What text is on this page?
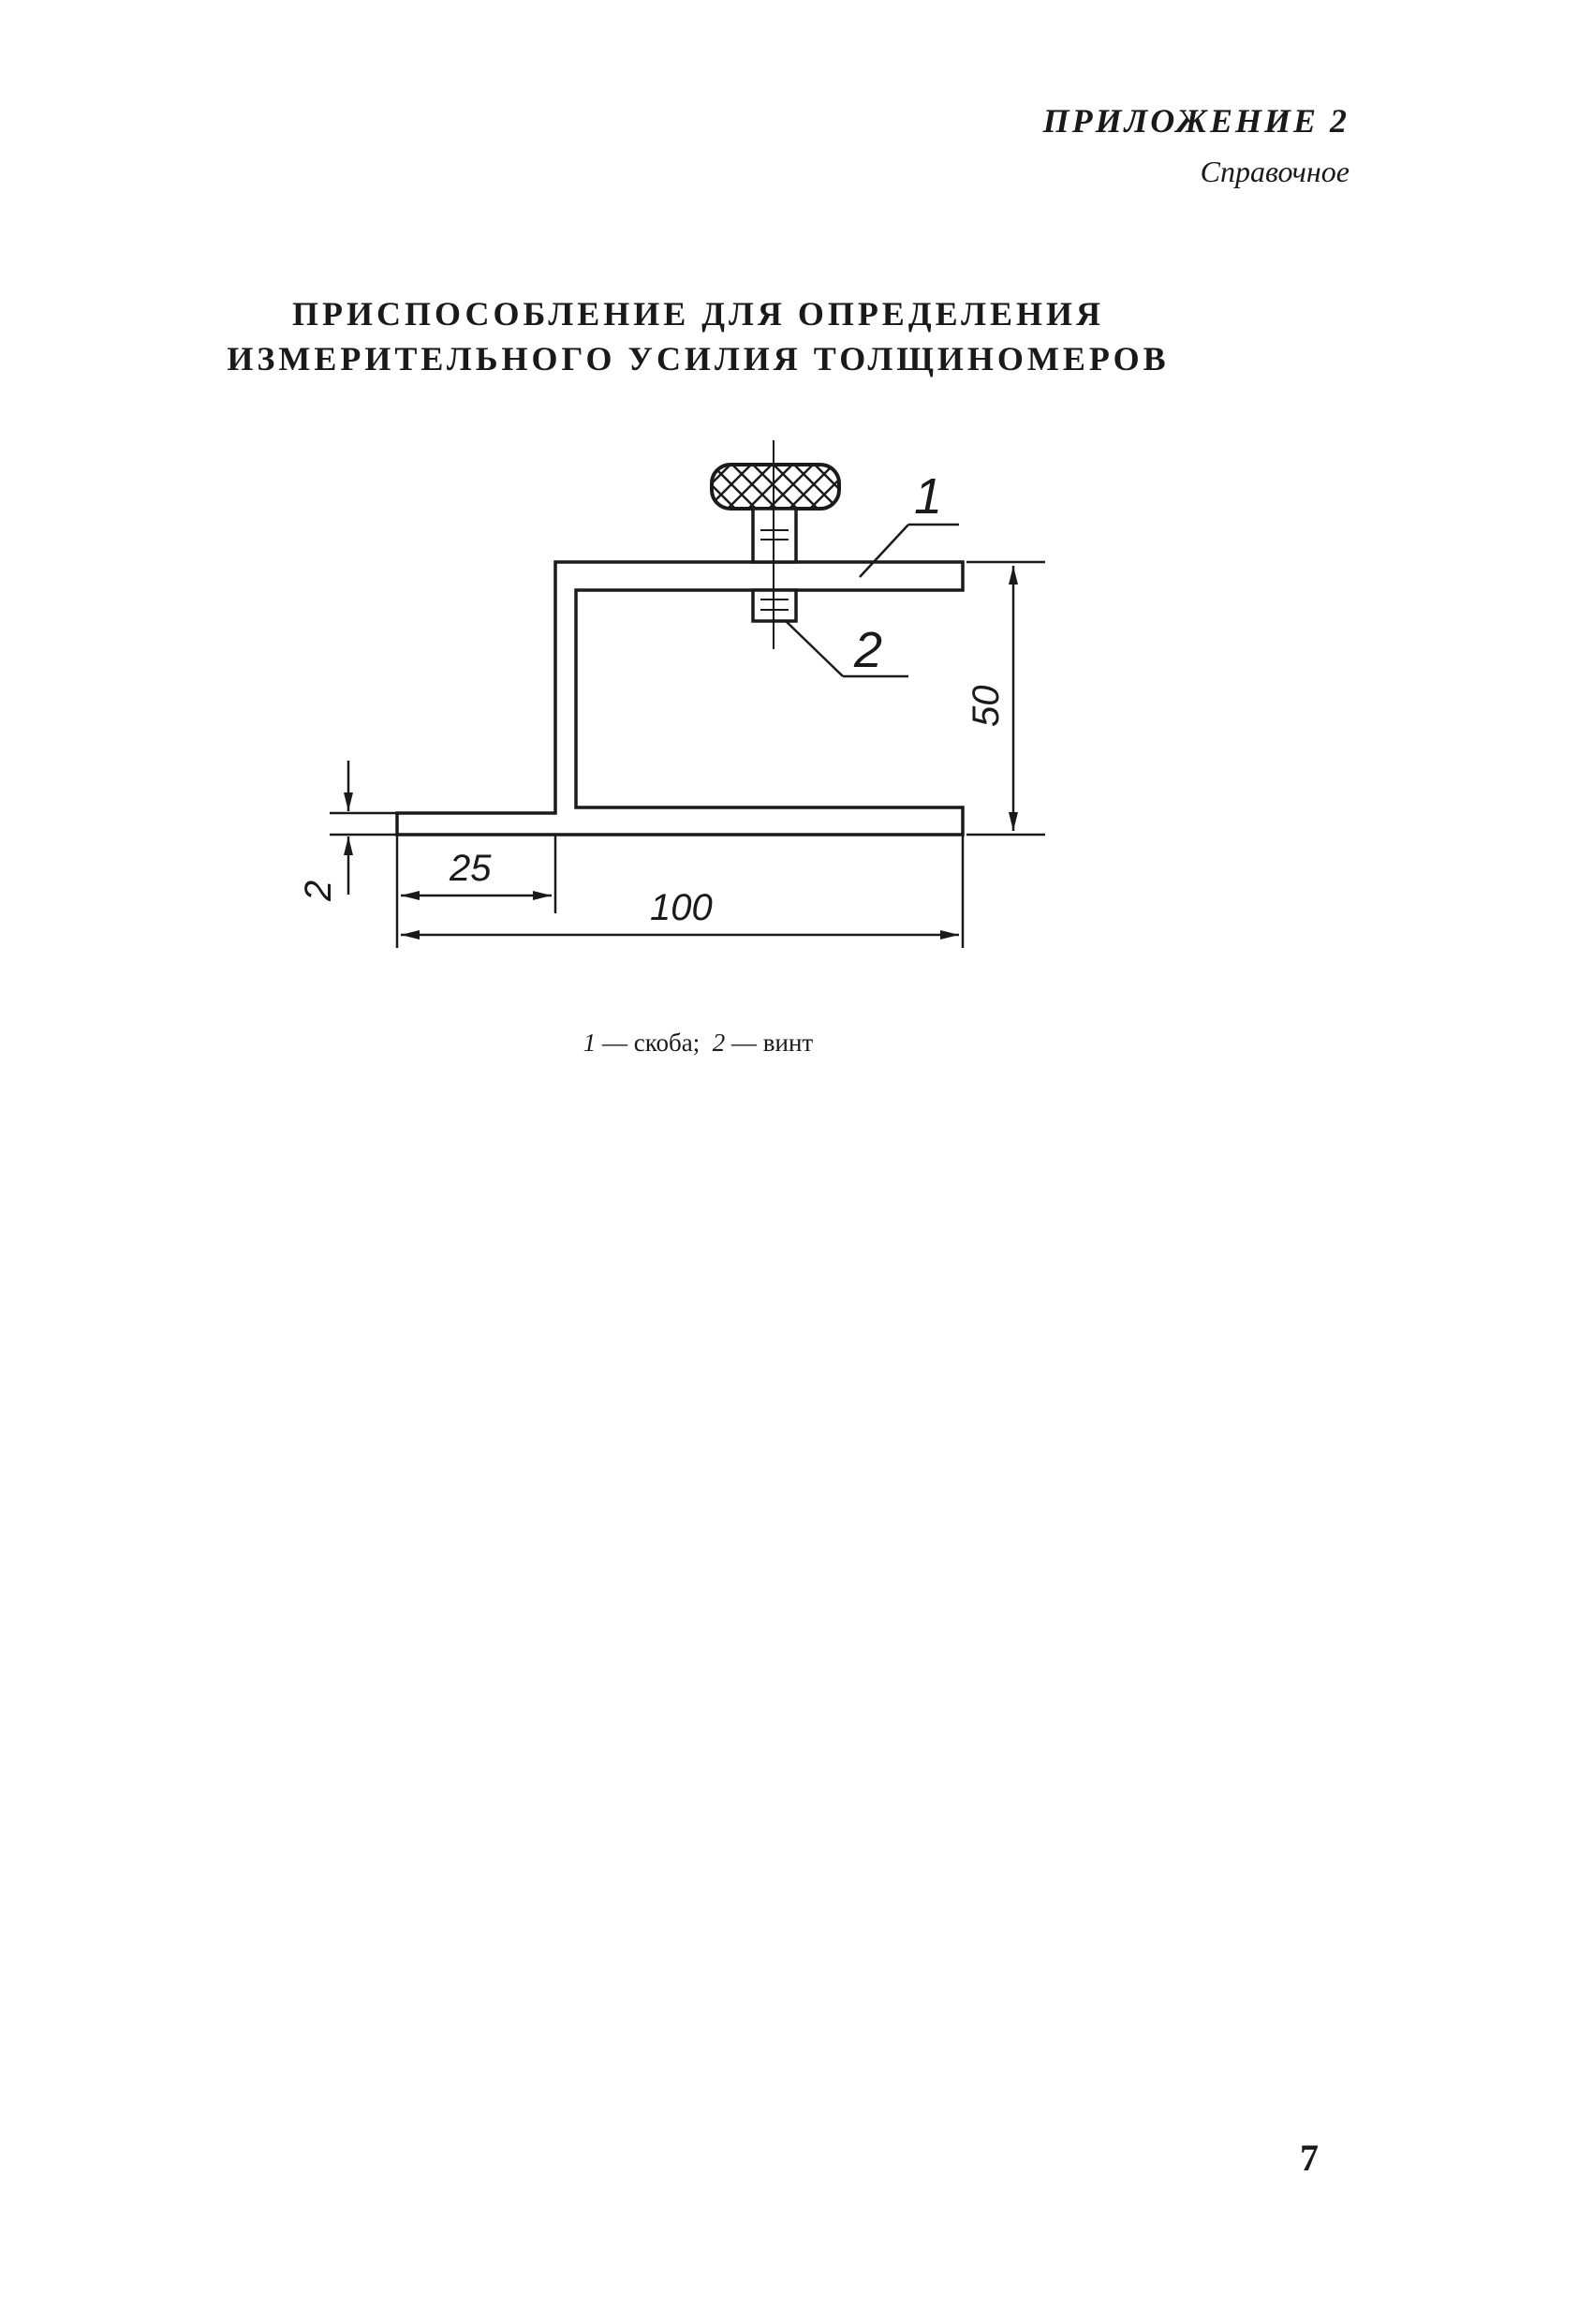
ПРИЛОЖЕНИЕ 2
Справочное
ПРИСПОСОБЛЕНИЕ ДЛЯ ОПРЕДЕЛЕНИЯ
ИЗМЕРИТЕЛЬНОГО УСИЛИЯ ТОЛЩИНОМЕРОВ
1
2
50
2
25
100
1 — скоба; 2 — винт
7
